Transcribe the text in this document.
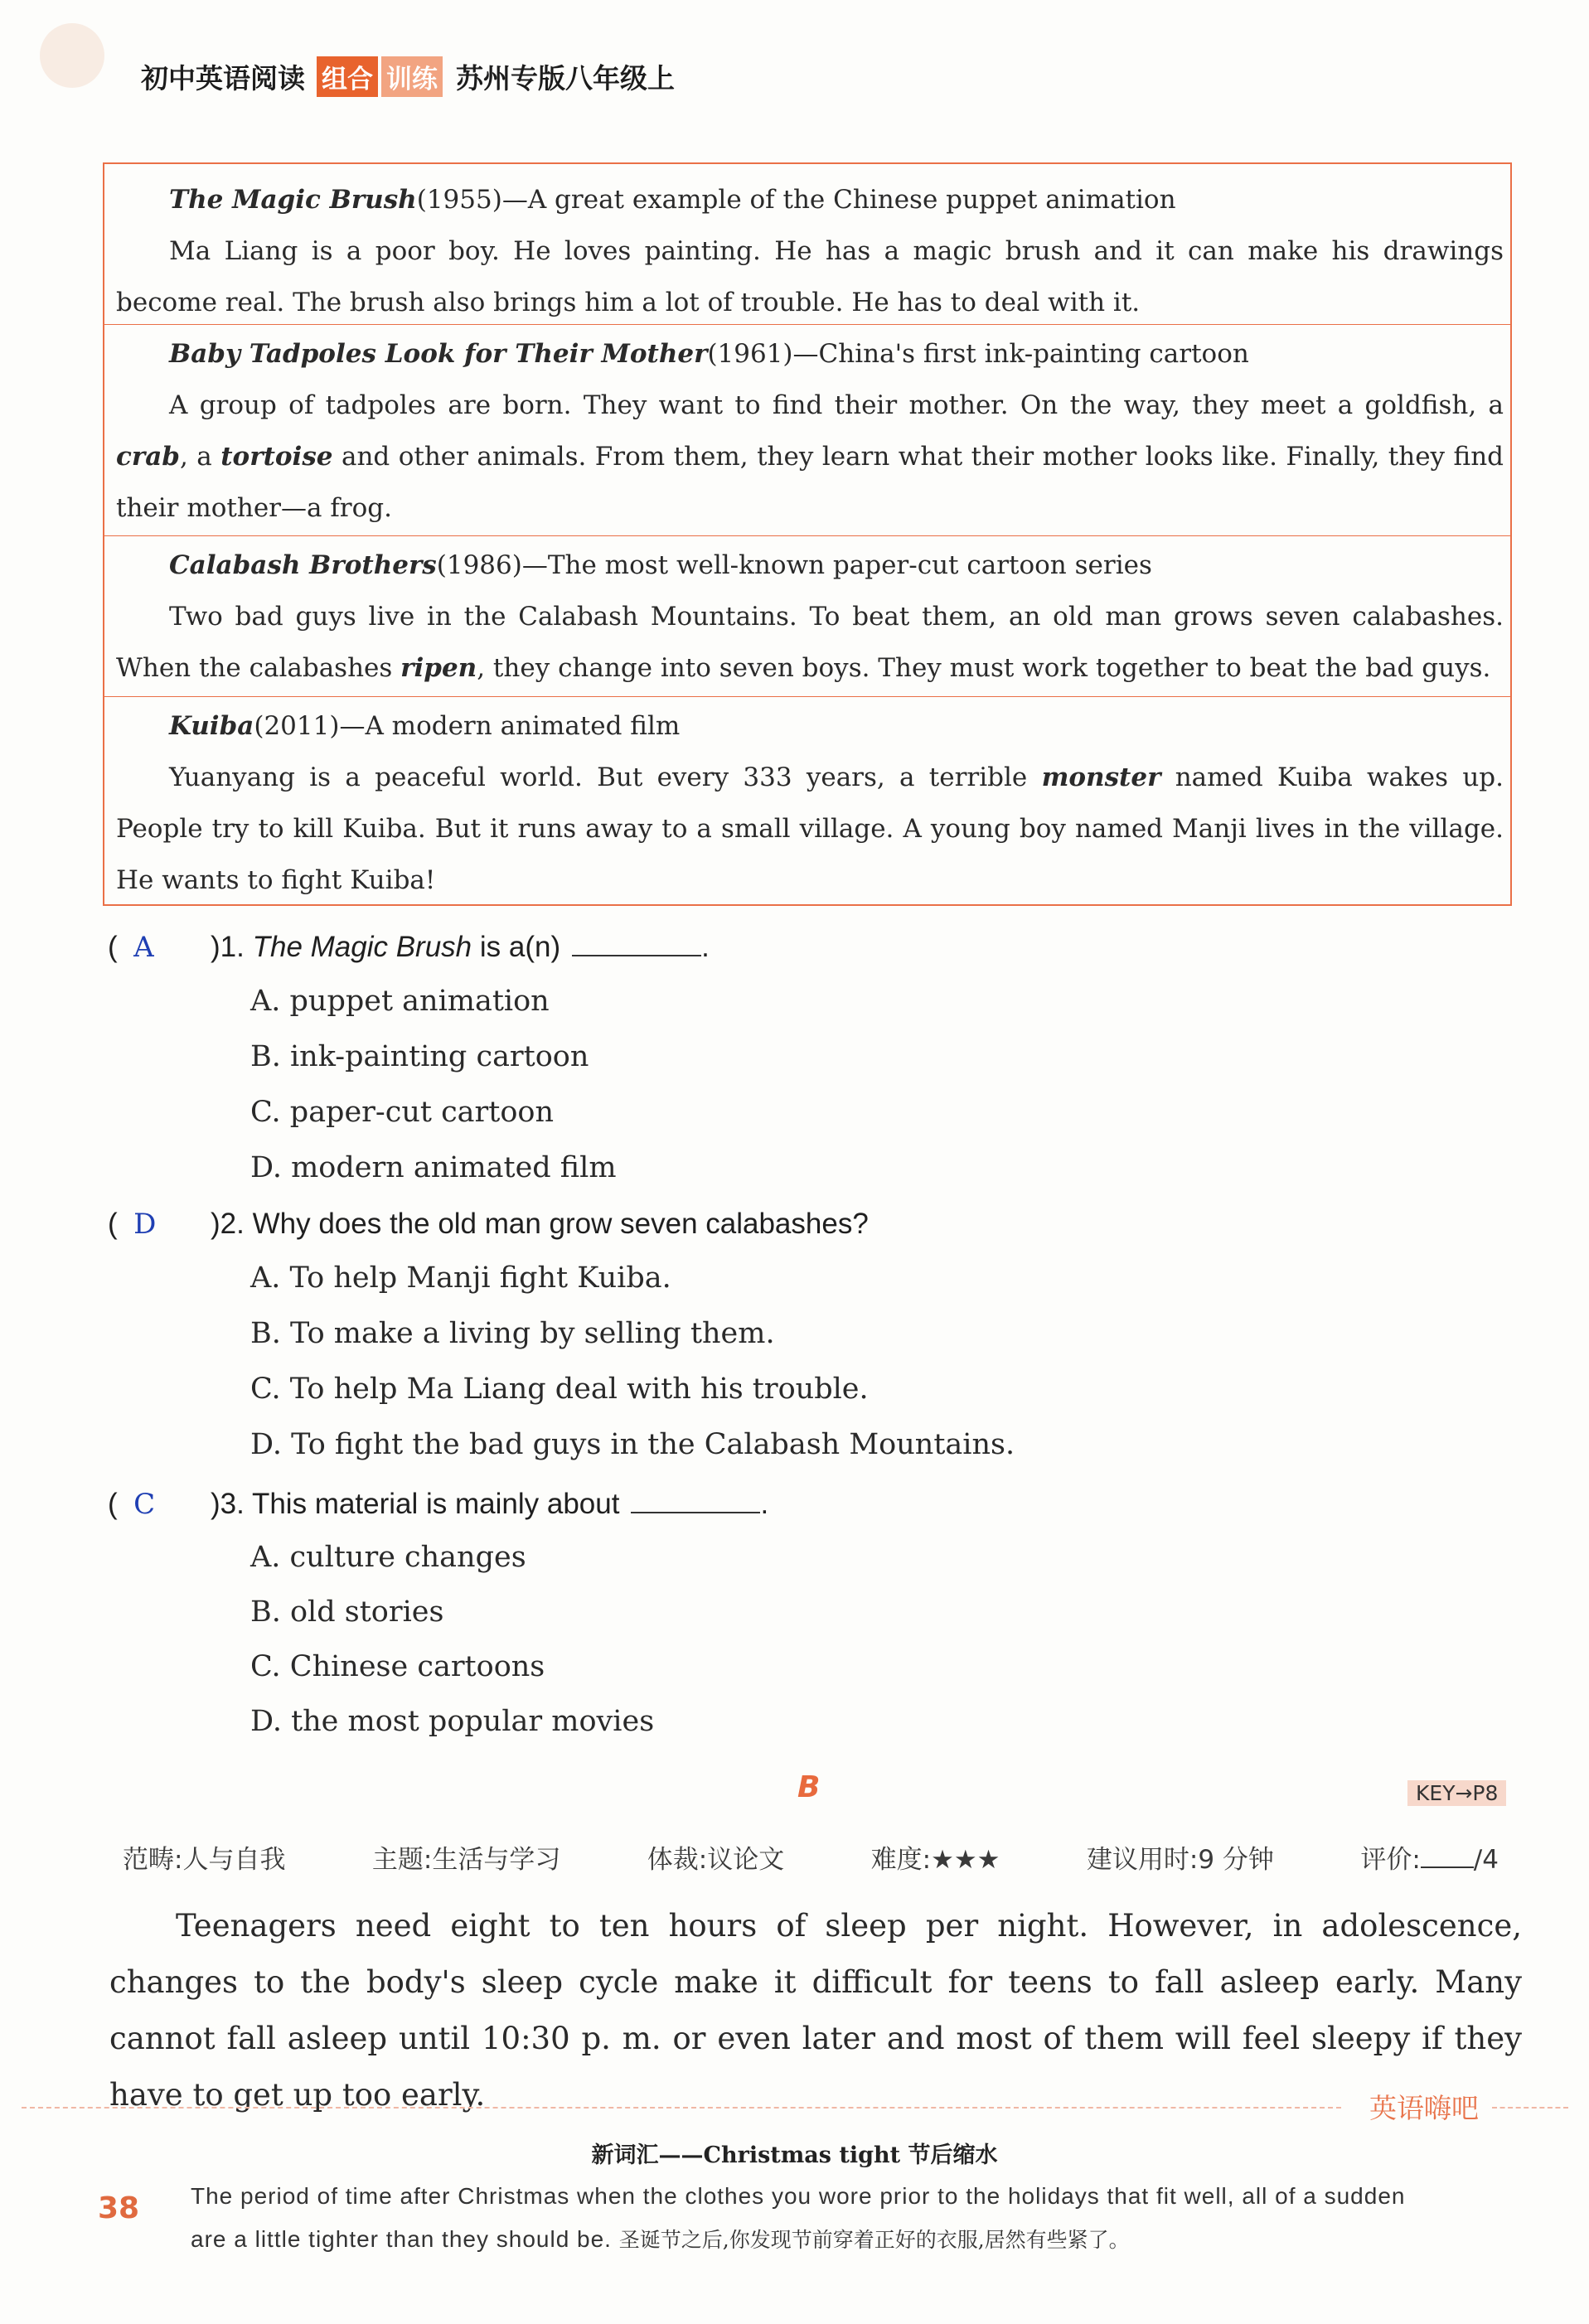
初中英语阅读 组合 训练 苏州专版八年级上
The Magic Brush(1955)—A great example of the Chinese puppet animation
Ma Liang is a poor boy. He loves painting. He has a magic brush and it can make his drawings become real. The brush also brings him a lot of trouble. He has to deal with it.
Baby Tadpoles Look for Their Mother(1961)—China's first ink-painting cartoon
A group of tadpoles are born. They want to find their mother. On the way, they meet a goldfish, a crab, a tortoise and other animals. From them, they learn what their mother looks like. Finally, they find their mother—a frog.
Calabash Brothers(1986)—The most well-known paper-cut cartoon series
Two bad guys live in the Calabash Mountains. To beat them, an old man grows seven calabashes. When the calabashes ripen, they change into seven boys. They must work together to beat the bad guys.
Kuiba(2011)—A modern animated film
Yuanyang is a peaceful world. But every 333 years, a terrible monster named Kuiba wakes up. People try to kill Kuiba. But it runs away to a small village. A young boy named Manji lives in the village. He wants to fight Kuiba!
(  A )1. The Magic Brush is a(n)	.
A. puppet animation
B. ink-painting cartoon
C. paper-cut cartoon
D. modern animated film
(  D )2. Why does the old man grow seven calabashes?
A. To help Manji fight Kuiba.
B. To make a living by selling them.
C. To help Ma Liang deal with his trouble.
D. To fight the bad guys in the Calabash Mountains.
(  C )3. This material is mainly about	.
A. culture changes
B. old stories
C. Chinese cartoons
D. the most popular movies
B	KEY→P8
范畴:人与自我	主题:生活与学习	体裁:议论文	难度:★★★	建议用时:9 分钟	评价: /4
Teenagers need eight to ten hours of sleep per night. However, in adolescence, changes to the body's sleep cycle make it difficult for teens to fall asleep early. Many cannot fall asleep until 10:30 p. m. or even later and most of them will feel sleepy if they have to get up too early.	英语嗨吧
新词汇——Christmas tight 节后缩水
The period of time after Christmas when the clothes you wore prior to the holidays that fit well, all of a sudden are a little tighter than they should be. 圣诞节之后,你发现节前穿着正好的衣服,居然有些紧了。
38
